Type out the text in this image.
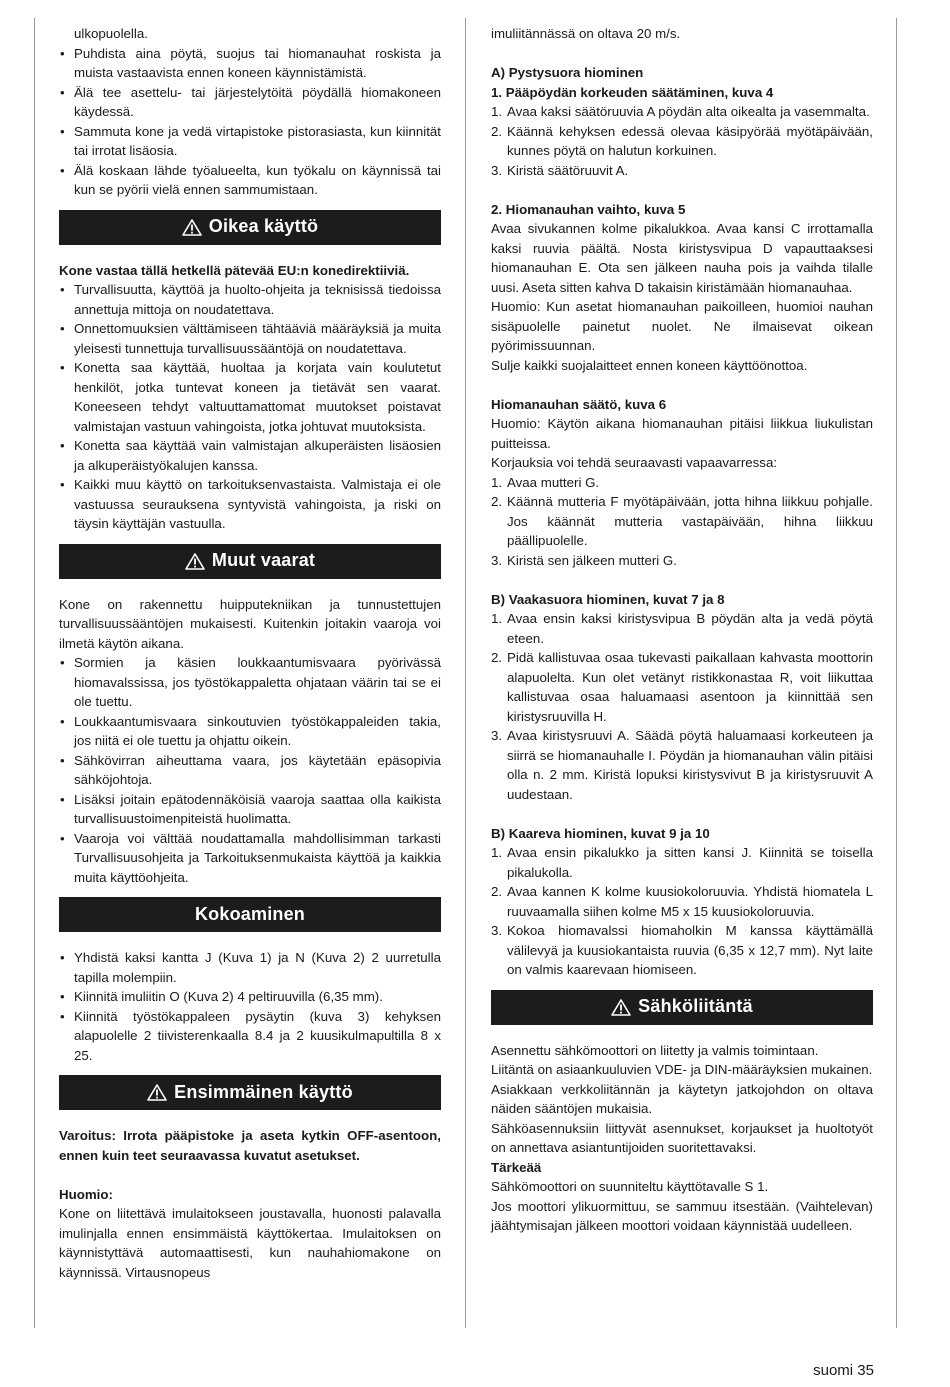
ulkopuolella.
• Puhdista aina pöytä, suojus tai hiomanauhat roskista ja muista vastaavista ennen koneen käynnistämistä.
• Älä tee asettelu- tai järjestelytöitä pöydällä hiomakoneen käydessä.
• Sammuta kone ja vedä virtapistoke pistorasiasta, kun kiinnität tai irrotat lisäosia.
• Älä koskaan lähde työalueelta, kun työkalu on käynnissä tai kun se pyörii vielä ennen sammumistaan.
Oikea käyttö

Kone vastaa tällä hetkellä pätevää EU:n konedirektiiviä.

• Turvallisuutta, käyttöä ja huolto-ohjeita ja teknisissä tiedoissa annettuja mittoja on noudatettava.
• Onnettomuuksien välttämiseen tähtääviä määräyksiä ja muita yleisesti tunnettuja turvallisuussääntöjä on noudatettava.
• Konetta saa käyttää, huoltaa ja korjata vain koulutetut henkilöt, jotka tuntevat koneen ja tietävät sen vaarat. Koneeseen tehdyt valtuuttamattomat muutokset poistavat valmistajan vastuun vahingoista, jotka johtuvat muutoksista.
• Konetta saa käyttää vain valmistajan alkuperäisten lisäosien ja alkuperäistyökalujen kanssa.
• Kaikki muu käyttö on tarkoituksenvastaista. Valmistaja ei ole vastuussa seurauksena syntyvistä vahingoista, ja riski on täysin käyttäjän vastuulla.
Muut vaarat

Kone on rakennettu huipputekniikan ja tunnustettujen turvallisuussääntöjen mukaisesti. Kuitenkin joitakin vaaroja voi ilmetä käytön aikana.

• Sormien ja käsien loukkaantumisvaara pyörivässä hiomavalssissa, jos työstökappaletta ohjataan väärin tai se ei ole tuettu.
• Loukkaantumisvaara sinkoutuvien työstökappaleiden takia, jos niitä ei ole tuettu ja ohjattu oikein.
• Sähkövirran aiheuttama vaara, jos käytetään epäsopivia sähköjohtoja.
• Lisäksi joitain epätodennäköisiä vaaroja saattaa olla kaikista turvallisuustoimenpiteistä huolimatta.
• Vaaroja voi välttää noudattamalla mahdollisimman tarkasti Turvallisuusohjeita ja Tarkoituksenmukaista käyttöä ja kaikkia muita käyttöohjeita.
Kokoaminen
• Yhdistä kaksi kantta J (Kuva 1) ja N (Kuva 2) 2 uurretulla tapilla molempiin.
• Kiinnitä imuliitin O (Kuva 2) 4 peltiruuvilla (6,35 mm).
• Kiinnitä työstökappaleen pysäytin (kuva 3) kehyksen alapuolelle 2 tiivisterenkaalla 8.4 ja 2 kuusikulmapultilla 8 x 25.
Ensimmäinen käyttö

Varoitus: Irrota pääpistoke ja aseta kytkin OFF-asentoon, ennen kuin teet seuraavassa kuvatut asetukset.

Huomio:

Kone on liitettävä imulaitokseen joustavalla, huonosti palavalla imulinjalla ennen ensimmäistä käyttökertaa. Imulaitoksen on käynnistyttävä automaattisesti, kun nauhahiomakone on käynnissä. Virtausnopeus

imuliitännässä on oltava 20 m/s.

A) Pystysuora hiominen

1. Pääpöydän korkeuden säätäminen, kuva 4

1. Avaa kaksi säätöruuvia A pöydän alta oikealta ja vasemmalta.
2. Käännä kehyksen edessä olevaa käsipyörää myötäpäivään, kunnes pöytä on halutun korkuinen.
3. Kiristä säätöruuvit A.

2. Hiomanauhan vaihto, kuva 5

Avaa sivukannen kolme pikalukkoa. Avaa kansi C irrottamalla kaksi ruuvia päältä. Nosta kiristysvipua D vapauttaaksesi hiomanauhan E. Ota sen jälkeen nauha pois ja vaihda tilalle uusi. Aseta sitten kahva D takaisin kiristämään hiomanauhaa.

Huomio: Kun asetat hiomanauhan paikoilleen, huomioi nauhan sisäpuolelle painetut nuolet. Ne ilmaisevat oikean pyörimissuunnan.

Sulje kaikki suojalaitteet ennen koneen käyttöönottoa.

Hiomanauhan säätö, kuva 6

Huomio: Käytön aikana hiomanauhan pitäisi liikkua liukulistan puitteissa.

Korjauksia voi tehdä seuraavasti vapaavarressa:

1. Avaa mutteri G.
2. Käännä mutteria F myötäpäivään, jotta hihna liikkuu pohjalle. Jos käännät mutteria vastapäivään, hihna liikkuu päällipuolelle.
3. Kiristä sen jälkeen mutteri G.

B) Vaakasuora hiominen, kuvat 7 ja 8

1. Avaa ensin kaksi kiristysvipua B pöydän alta ja vedä pöytä eteen.
2. Pidä kallistuvaa osaa tukevasti paikallaan kahvasta moottorin alapuolelta. Kun olet vetänyt ristikkonastaa R, voit liikuttaa kallistuvaa osaa haluamaasi asentoon ja kiinnittää sen kiristysruuvilla H.
3. Avaa kiristysruuvi A. Säädä pöytä haluamaasi korkeuteen ja siirrä se hiomanauhalle I. Pöydän ja hiomanauhan välin pitäisi olla n. 2 mm. Kiristä lopuksi kiristysvivut B ja kiristysruuvit A uudestaan.

B) Kaareva hiominen, kuvat 9 ja 10

1. Avaa ensin pikalukko ja sitten kansi J. Kiinnitä se toisella pikalukolla.
2. Avaa kannen K kolme kuusiokoloruuvia. Yhdistä hiomatela L ruuvaamalla siihen kolme M5 x 15 kuusiokoloruuvia.
3. Kokoa hiomavalssi hiomaholkin M kanssa käyttämällä välilevyä ja kuusiokantaista ruuvia (6,35 x 12,7 mm). Nyt laite on valmis kaarevaan hiomiseen.
Sähköliitäntä

Asennettu sähkömoottori on liitetty ja valmis toimintaan.

Liitäntä on asiaankuuluvien VDE- ja DIN-määräyksien mukainen.

Asiakkaan verkkoliitännän ja käytetyn jatkojohdon on oltava näiden sääntöjen mukaisia.

Sähköasennuksiin liittyvät asennukset, korjaukset ja huoltotyöt on annettava asiantuntijoiden suoritettavaksi.

Tärkeää

Sähkömoottori on suunniteltu käyttötavalle S 1.

Jos moottori ylikuormittuu, se sammuu itsestään. (Vaihtelevan) jäähtymisajan jälkeen moottori voidaan käynnistää uudelleen.

suomi 35
